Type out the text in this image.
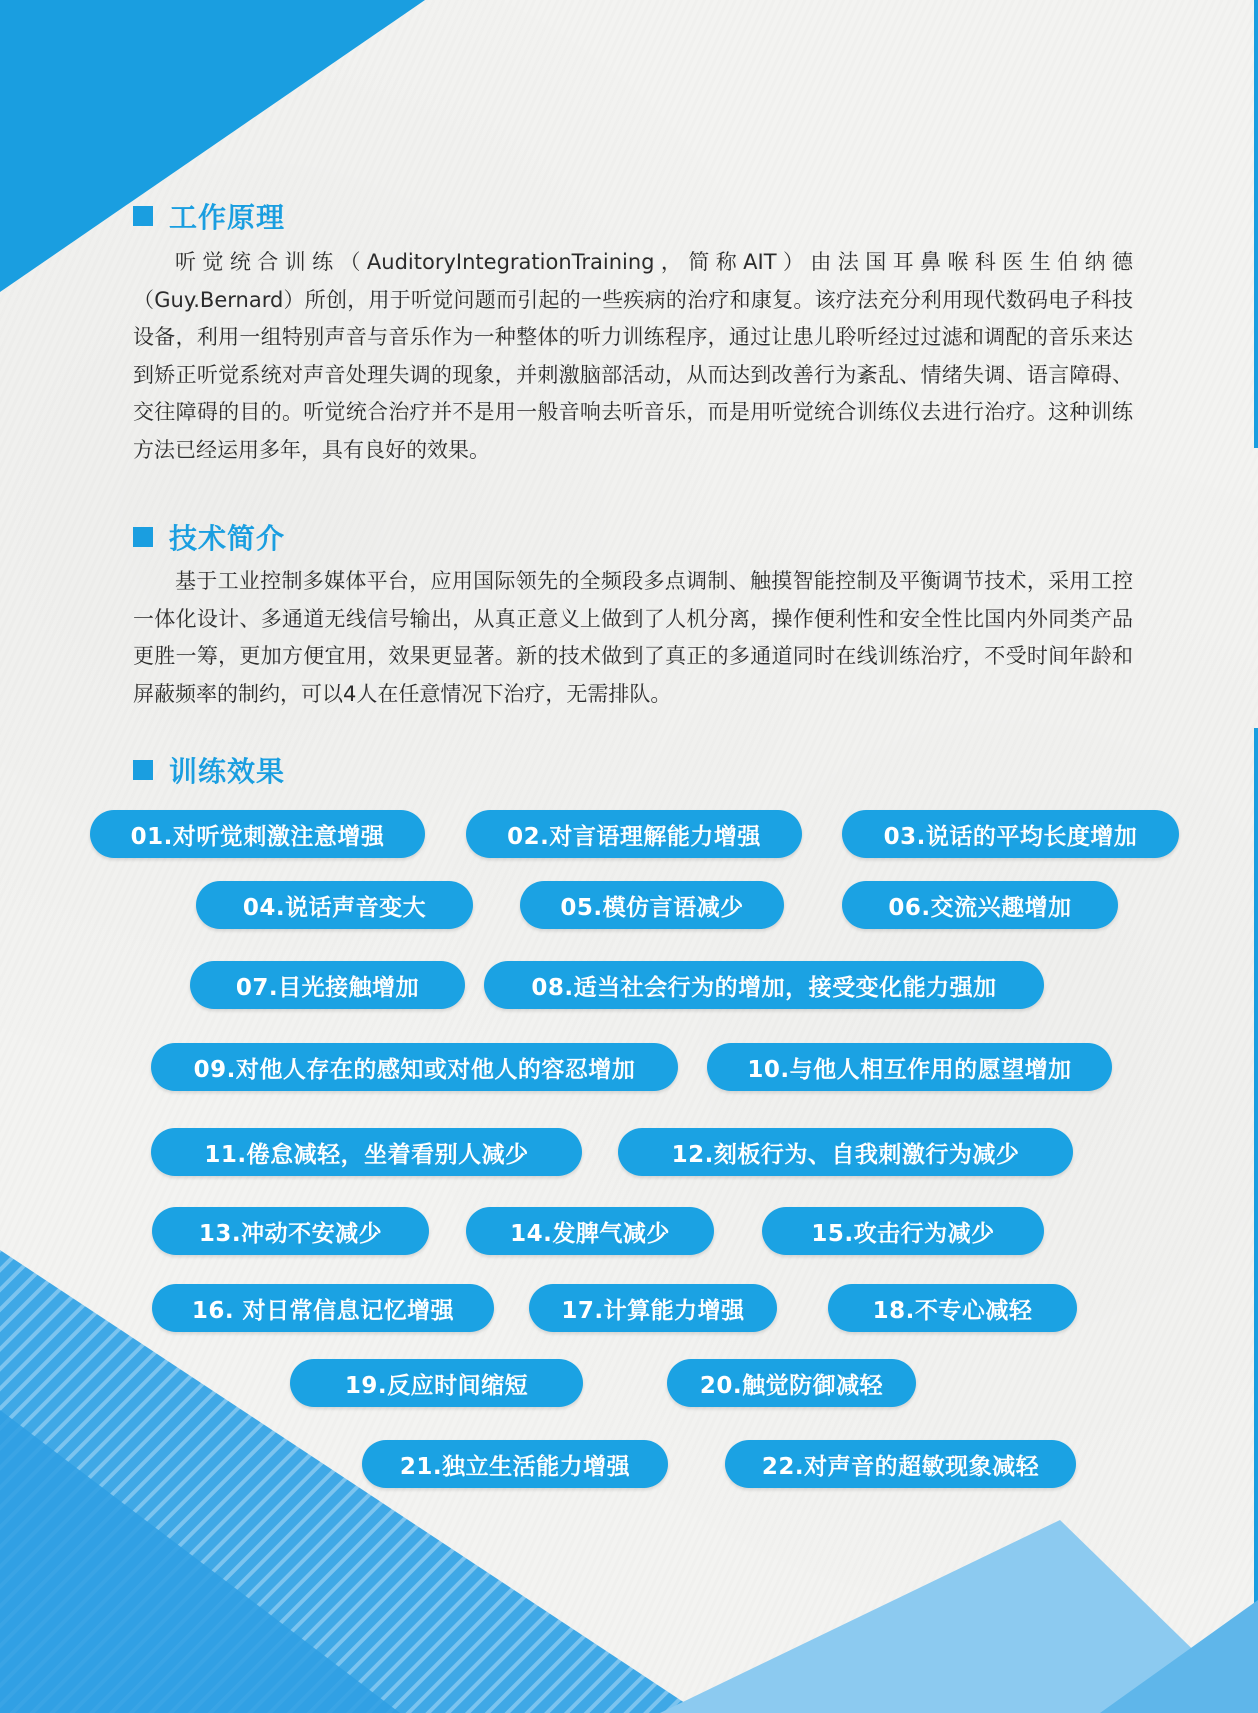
工作原理
听觉统合训练（AuditoryIntegrationTraining，简称AIT）由法国耳鼻喉科医生伯纳德（Guy.Bernard）所创，用于听觉问题而引起的一些疾病的治疗和康复。该疗法充分利用现代数码电子科技设备，利用一组特别声音与音乐作为一种整体的听力训练程序，通过让患儿聆听经过过滤和调配的音乐来达到矫正听觉系统对声音处理失调的现象，并刺激脑部活动，从而达到改善行为紊乱、情绪失调、语言障碍、交往障碍的目的。听觉统合治疗并不是用一般音响去听音乐，而是用听觉统合训练仪去进行治疗。这种训练方法已经运用多年，具有良好的效果。
技术简介
基于工业控制多媒体平台，应用国际领先的全频段多点调制、触摸智能控制及平衡调节技术，采用工控一体化设计、多通道无线信号输出，从真正意义上做到了人机分离，操作便利性和安全性比国内外同类产品更胜一筹，更加方便宜用，效果更显著。新的技术做到了真正的多通道同时在线训练治疗，不受时间年龄和屏蔽频率的制约，可以4人在任意情况下治疗，无需排队。
训练效果
01.对听觉刺激注意增强	02.对言语理解能力增强	03.说话的平均长度增加
04.说话声音变大	05.模仿言语减少	06.交流兴趣增加
07.目光接触增加	08.适当社会行为的增加，接受变化能力强加
09.对他人存在的感知或对他人的容忍增加	10.与他人相互作用的愿望增加
11.倦怠减轻，坐着看别人减少	12.刻板行为、自我刺激行为减少
13.冲动不安减少	14.发脾气减少	15.攻击行为减少
16. 对日常信息记忆增强	17.计算能力增强	18.不专心减轻
19.反应时间缩短	20.触觉防御减轻
21.独立生活能力增强	22.对声音的超敏现象减轻
